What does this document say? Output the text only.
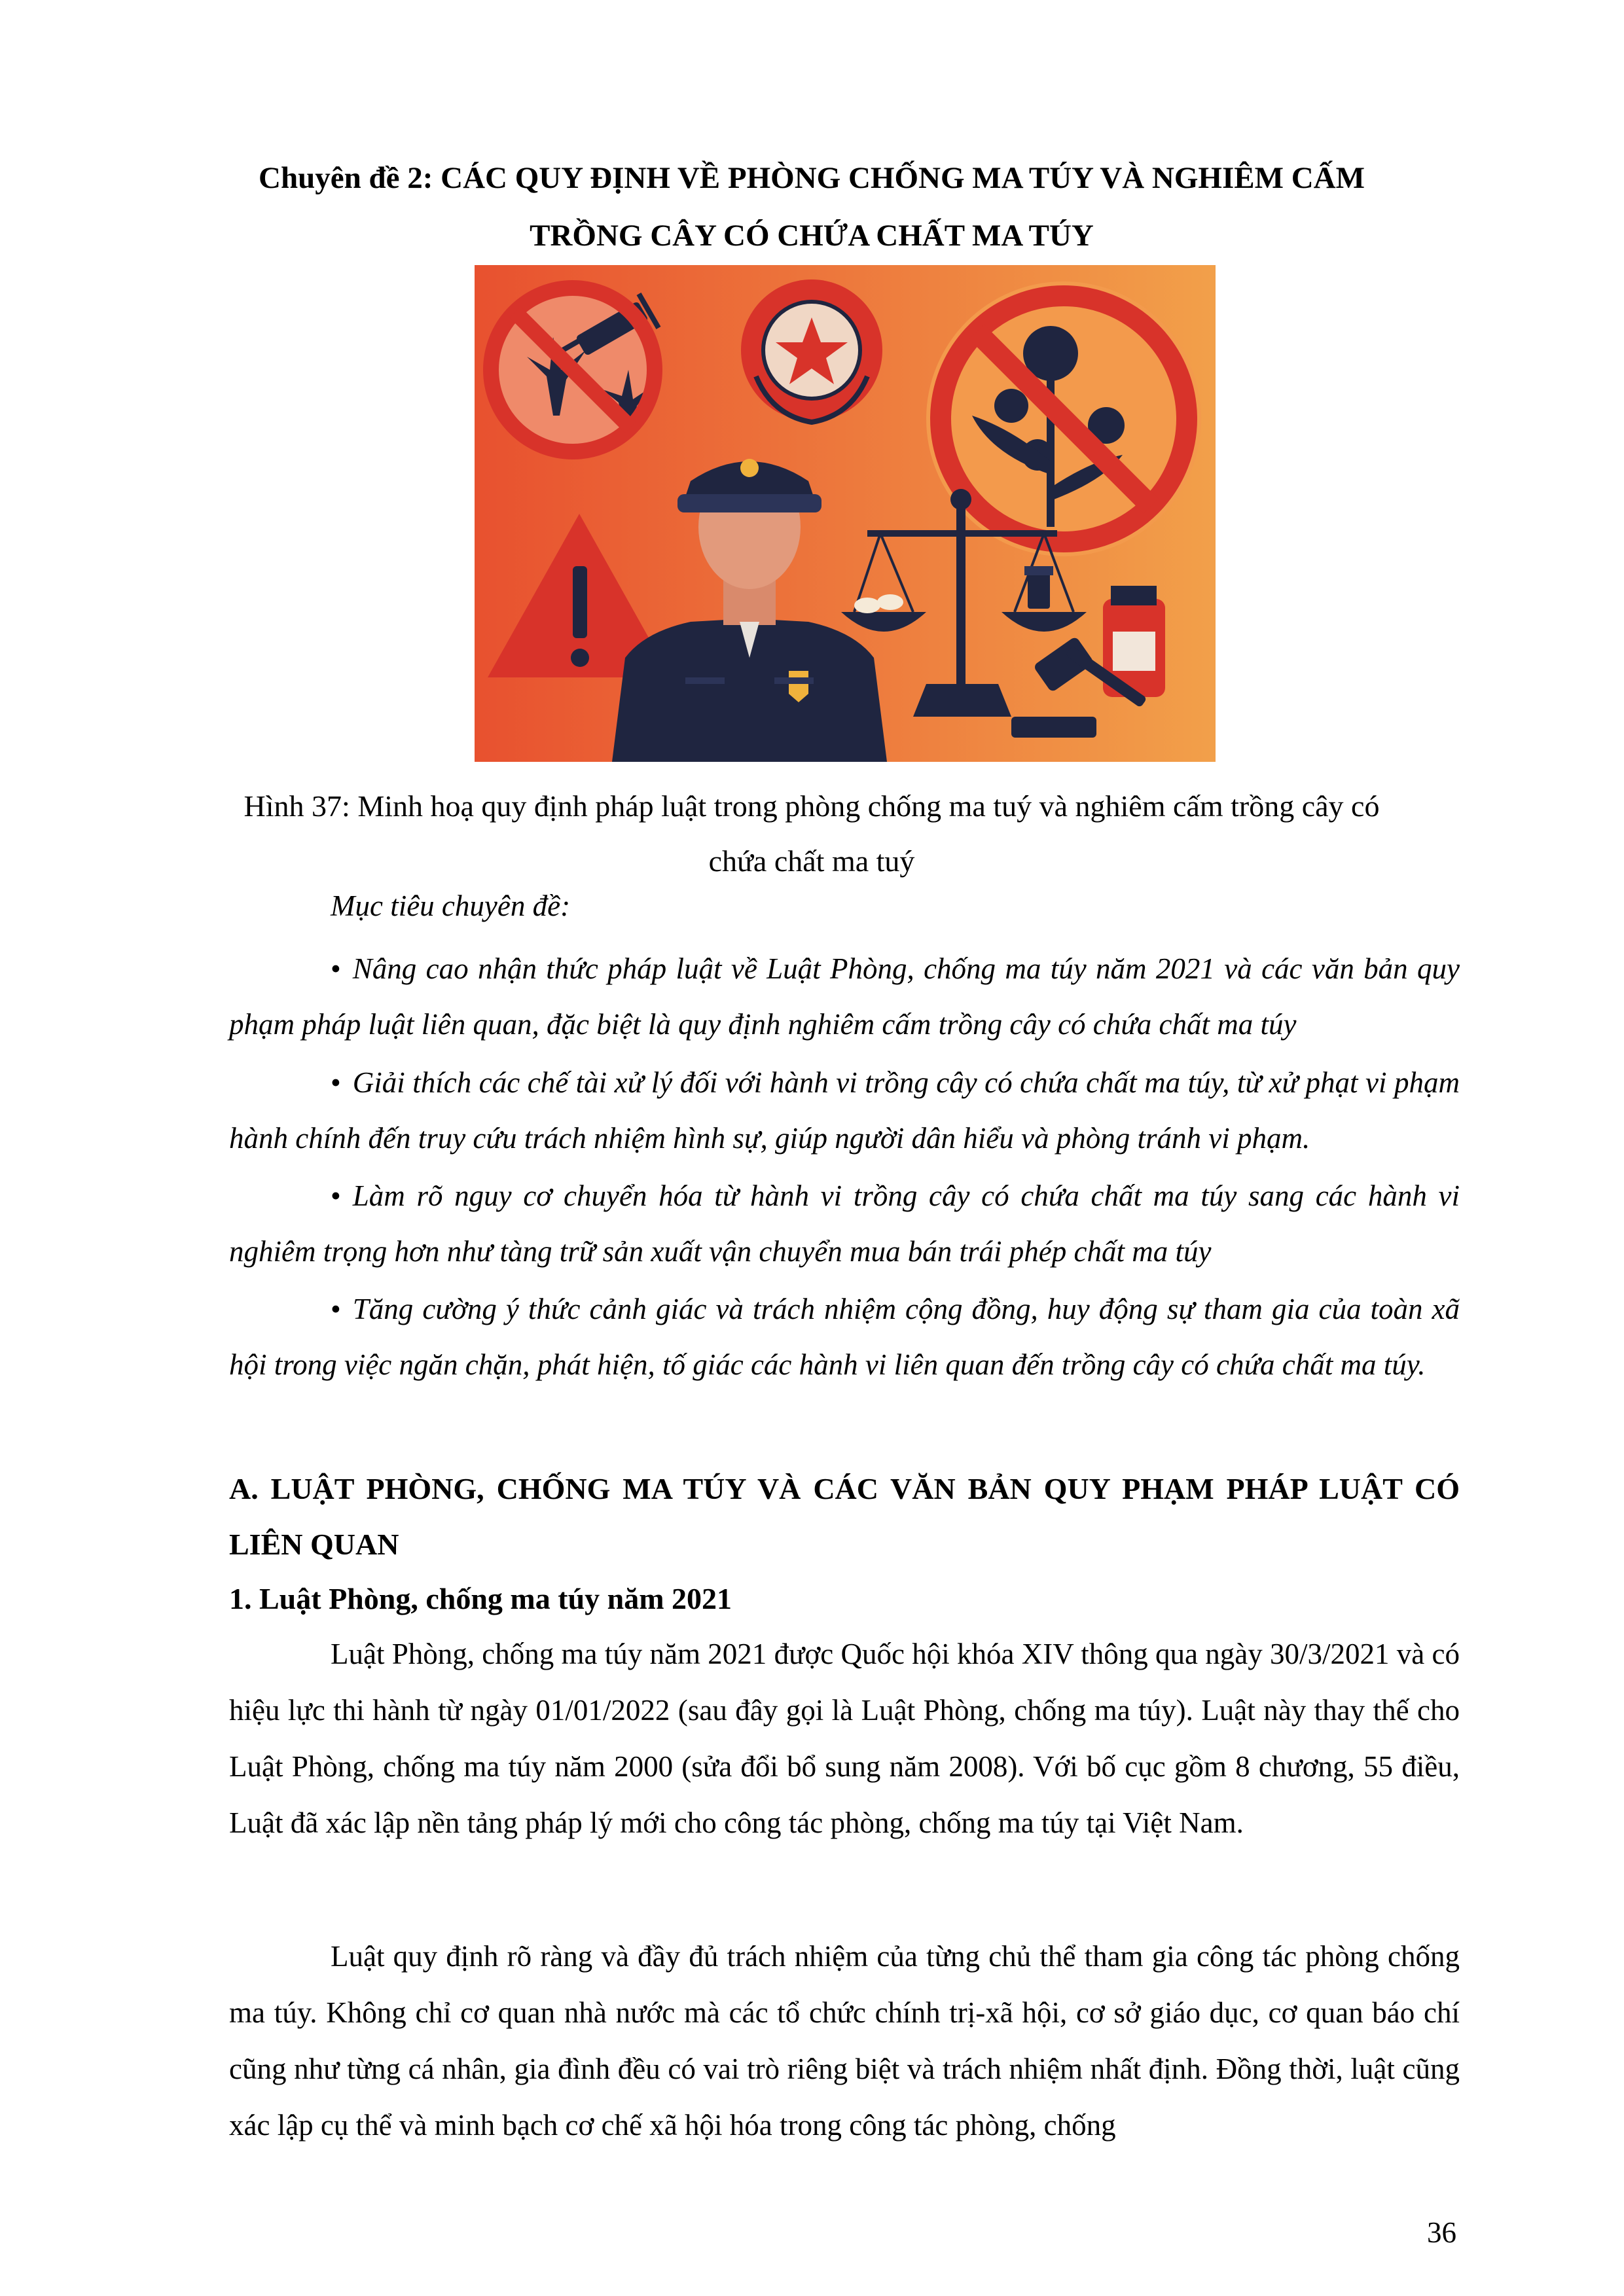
Chuyên đề 2: CÁC QUY ĐỊNH VỀ PHÒNG CHỐNG MA TÚY VÀ NGHIÊM CẤM
TRỒNG CÂY CÓ CHỨA CHẤT MA TÚY
Hình 37: Minh hoạ quy định pháp luật trong phòng chống ma tuý và nghiêm cấm trồng cây có
chứa chất ma tuý
Mục tiêu chuyên đề:
• Nâng cao nhận thức pháp luật về Luật Phòng, chống ma túy năm 2021 và các văn bản quy phạm pháp luật liên quan, đặc biệt là quy định nghiêm cấm trồng cây có chứa chất ma túy
• Giải thích các chế tài xử lý đối với hành vi trồng cây có chứa chất ma túy, từ xử phạt vi phạm hành chính đến truy cứu trách nhiệm hình sự, giúp người dân hiểu và phòng tránh vi phạm.
• Làm rõ nguy cơ chuyển hóa từ hành vi trồng cây có chứa chất ma túy sang các hành vi nghiêm trọng hơn như tàng trữ sản xuất vận chuyển mua bán trái phép chất ma túy
• Tăng cường ý thức cảnh giác và trách nhiệm cộng đồng, huy động sự tham gia của toàn xã hội trong việc ngăn chặn, phát hiện, tố giác các hành vi liên quan đến trồng cây có chứa chất ma túy.
A. LUẬT PHÒNG, CHỐNG MA TÚY VÀ CÁC VĂN BẢN QUY PHẠM PHÁP LUẬT CÓ LIÊN QUAN
1. Luật Phòng, chống ma túy năm 2021
Luật Phòng, chống ma túy năm 2021 được Quốc hội khóa XIV thông qua ngày 30/3/2021 và có hiệu lực thi hành từ ngày 01/01/2022 (sau đây gọi là Luật Phòng, chống ma túy). Luật này thay thế cho Luật Phòng, chống ma túy năm 2000 (sửa đổi bổ sung năm 2008). Với bố cục gồm 8 chương, 55 điều, Luật đã xác lập nền tảng pháp lý mới cho công tác phòng, chống ma túy tại Việt Nam.
Luật quy định rõ ràng và đầy đủ trách nhiệm của từng chủ thể tham gia công tác phòng chống ma túy. Không chỉ cơ quan nhà nước mà các tổ chức chính trị-xã hội, cơ sở giáo dục, cơ quan báo chí cũng như từng cá nhân, gia đình đều có vai trò riêng biệt và trách nhiệm nhất định. Đồng thời, luật cũng xác lập cụ thể và minh bạch cơ chế xã hội hóa trong công tác phòng, chống
36
